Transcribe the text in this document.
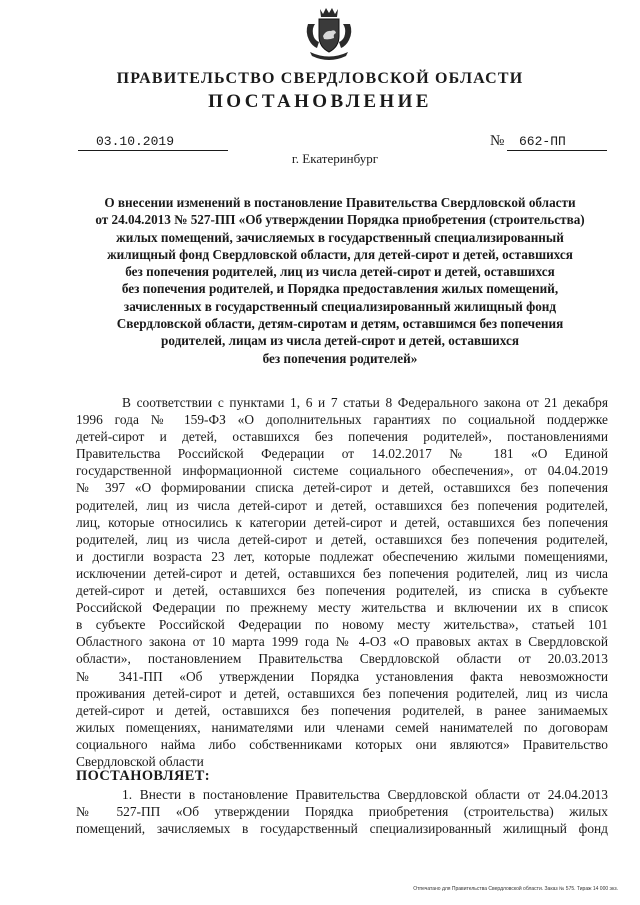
ПРАВИТЕЛЬСТВО СВЕРДЛОВСКОЙ ОБЛАСТИ
ПОСТАНОВЛЕНИЕ
03.10.2019	№	662-ПП
г. Екатеринбург
О внесении изменений в постановление Правительства Свердловской области
от 24.04.2013 № 527-ПП «Об утверждении Порядка приобретения (строительства)
жилых помещений, зачисляемых в государственный специализированный
жилищный фонд Свердловской области, для детей-сирот и детей, оставшихся
без попечения родителей, лиц из числа детей-сирот и детей, оставшихся
без попечения родителей, и Порядка предоставления жилых помещений,
зачисленных в государственный специализированный жилищный фонд
Свердловской области, детям-сиротам и детям, оставшимся без попечения
родителей, лицам из числа детей-сирот и детей, оставшихся
без попечения родителей»
В соответствии с пунктами 1, 6 и 7 статьи 8 Федерального закона от 21 декабря
1996 года № 159-ФЗ «О дополнительных гарантиях по социальной поддержке
детей-сирот и детей, оставшихся без попечения родителей», постановлениями
Правительства Российской Федерации от 14.02.2017 № 181 «О Единой
государственной информационной системе социального обеспечения», от 04.04.2019
№ 397 «О формировании списка детей-сирот и детей, оставшихся без попечения
родителей, лиц из числа детей-сирот и детей, оставшихся без попечения родителей,
лиц, которые относились к категории детей-сирот и детей, оставшихся без попечения
родителей, лиц из числа детей-сирот и детей, оставшихся без попечения родителей,
и достигли возраста 23 лет, которые подлежат обеспечению жилыми помещениями,
исключении детей-сирот и детей, оставшихся без попечения родителей, лиц из числа
детей-сирот и детей, оставшихся без попечения родителей, из списка в субъекте
Российской Федерации по прежнему месту жительства и включении их в список
в субъекте Российской Федерации по новому месту жительства», статьей 101
Областного закона от 10 марта 1999 года № 4-ОЗ «О правовых актах в Свердловской
области», постановлением Правительства Свердловской области от 20.03.2013
№ 341-ПП «Об утверждении Порядка установления факта невозможности
проживания детей-сирот и детей, оставшихся без попечения родителей, лиц из числа
детей-сирот и детей, оставшихся без попечения родителей, в ранее занимаемых
жилых помещениях, нанимателями или членами семей нанимателей по договорам
социального найма либо собственниками которых они являются» Правительство
Свердловской области
ПОСТАНОВЛЯЕТ:
1. Внести в постановление Правительства Свердловской области от 24.04.2013
№ 527-ПП «Об утверждении Порядка приобретения (строительства) жилых
помещений, зачисляемых в государственный специализированный жилищный фонд
Отпечатано для Правительства Свердловской области. Заказ № 575. Тираж 14 000 экз.
